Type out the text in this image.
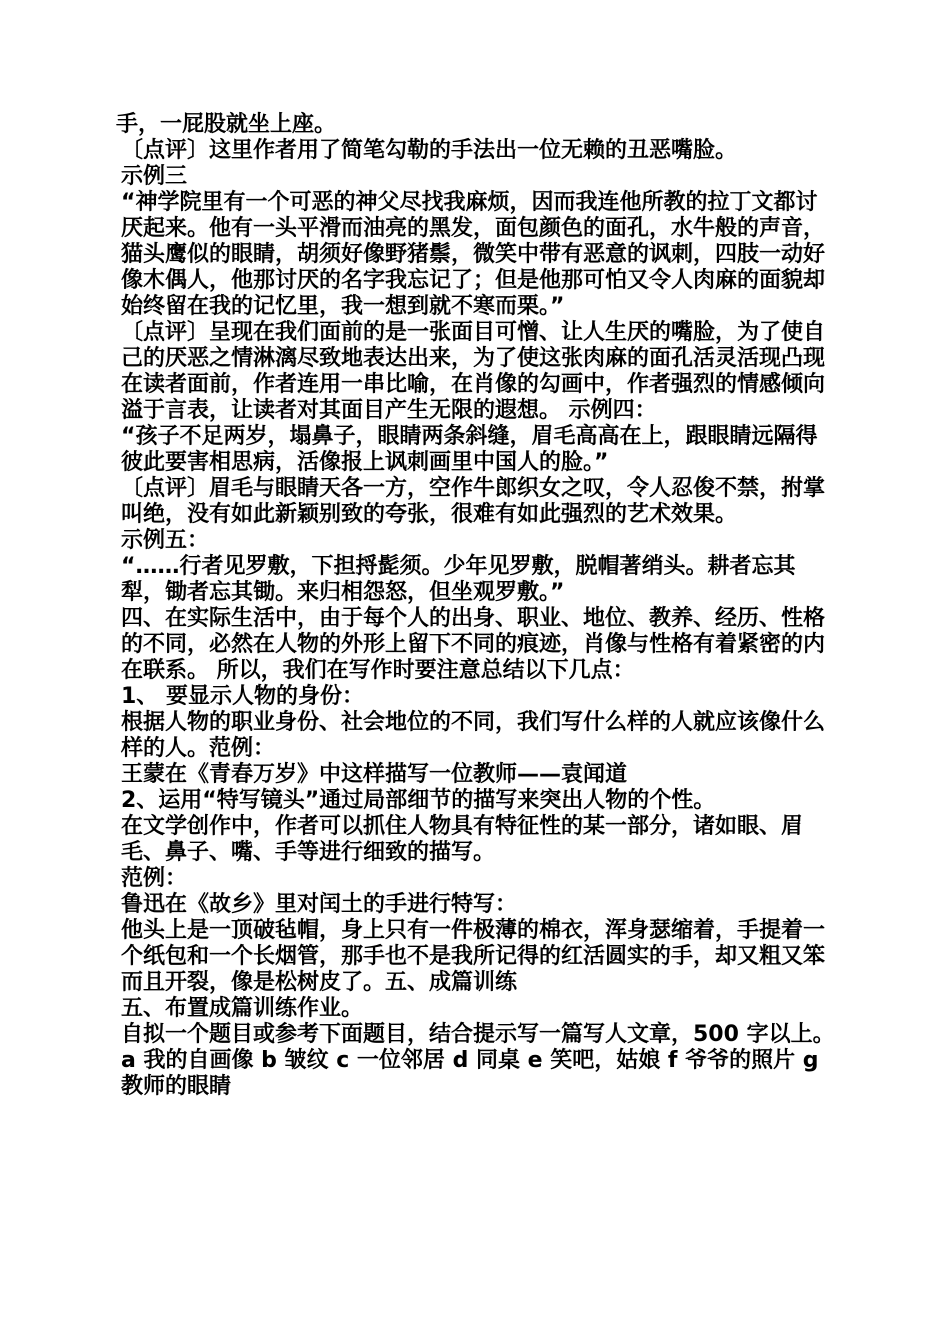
手，一屁股就坐上座。

〔点评〕这里作者用了简笔勾勒的手法出一位无赖的丑恶嘴脸。

示例三

“神学院里有一个可恶的神父尽找我麻烦，因而我连他所教的拉丁文都讨厌起来。他有一头平滑而油亮的黑发，面包颜色的面孔，水牛般的声音，猫头鹰似的眼睛，胡须好像野猪鬃，微笑中带有恶意的讽刺，四肢一动好像木偶人，他那讨厌的名字我忘记了；但是他那可怕又令人肉麻的面貌却始终留在我的记忆里，我一想到就不寒而栗。”

〔点评〕呈现在我们面前的是一张面目可憎、让人生厌的嘴脸，为了使自己的厌恶之情淋漓尽致地表达出来，为了使这张肉麻的面孔活灵活现凸现在读者面前，作者连用一串比喻，在肖像的勾画中，作者强烈的情感倾向溢于言表，让读者对其面目产生无限的遐想。 示例四：

“孩子不足两岁，塌鼻子，眼睛两条斜缝，眉毛高高在上，跟眼睛远隔得彼此要害相思病，活像报上讽刺画里中国人的脸。”

〔点评〕眉毛与眼睛天各一方，空作牛郎织女之叹，令人忍俊不禁，拊掌叫绝，没有如此新颖别致的夸张，很难有如此强烈的艺术效果。

示例五：

“……行者见罗敷，下担捋髭须。少年见罗敷，脱帽著绡头。耕者忘其犁，锄者忘其锄。来归相怨怒，但坐观罗敷。”

四、在实际生活中，由于每个人的出身、职业、地位、教养、经历、性格的不同，必然在人物的外形上留下不同的痕迹，肖像与性格有着紧密的内在联系。 所以，我们在写作时要注意总结以下几点：

1、 要显示人物的身份：

根据人物的职业身份、社会地位的不同，我们写什么样的人就应该像什么样的人。范例：

王蒙在《青春万岁》中这样描写一位教师——袁闻道

2、运用“特写镜头”通过局部细节的描写来突出人物的个性。

在文学创作中，作者可以抓住人物具有特征性的某一部分，诸如眼、眉毛、鼻子、嘴、手等进行细致的描写。

范例：

鲁迅在《故乡》里对闰土的手进行特写：

他头上是一顶破毡帽，身上只有一件极薄的棉衣，浑身瑟缩着，手提着一个纸包和一个长烟管，那手也不是我所记得的红活圆实的手，却又粗又笨而且开裂，像是松树皮了。五、成篇训练

五、布置成篇训练作业。

自拟一个题目或参考下面题目，结合提示写一篇写人文章，500 字以上。

a 我的自画像 b 皱纹 c 一位邻居 d 同桌 e 笑吧，姑娘 f 爷爷的照片 g 教师的眼睛
